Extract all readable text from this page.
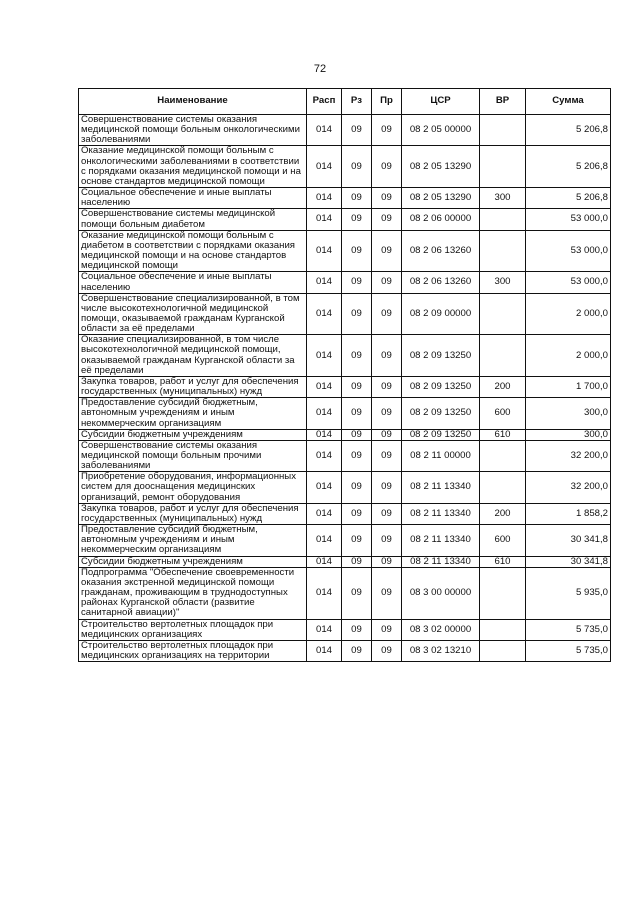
72
Наименование	Расп	Рз	Пр	ЦСР	ВР	Сумма
Совершенствование системы оказания медицинской помощи больным онкологическими заболеваниями	014	09	09	08 2 05 00000		5 206,8
Оказание медицинской помощи больным с онкологическими заболеваниями в соответствии с порядками оказания медицинской помощи и на основе стандартов медицинской помощи	014	09	09	08 2 05 13290		5 206,8
Социальное обеспечение и иные выплаты населению	014	09	09	08 2 05 13290	300	5 206,8
Совершенствование системы медицинской помощи больным диабетом	014	09	09	08 2 06 00000		53 000,0
Оказание медицинской помощи больным с диабетом в соответствии с порядками оказания медицинской помощи и на основе стандартов медицинской помощи	014	09	09	08 2 06 13260		53 000,0
Социальное обеспечение и иные выплаты населению	014	09	09	08 2 06 13260	300	53 000,0
Совершенствование специализированной, в том числе высокотехнологичной медицинской помощи, оказываемой гражданам Курганской области за её пределами	014	09	09	08 2 09 00000		2 000,0
Оказание специализированной, в том числе высокотехнологичной медицинской помощи, оказываемой гражданам Курганской области за её пределами	014	09	09	08 2 09 13250		2 000,0
Закупка товаров, работ и услуг для обеспечения государственных (муниципальных) нужд	014	09	09	08 2 09 13250	200	1 700,0
Предоставление субсидий бюджетным, автономным учреждениям и иным некоммерческим организациям	014	09	09	08 2 09 13250	600	300,0
Субсидии бюджетным учреждениям	014	09	09	08 2 09 13250	610	300,0
Совершенствование системы оказания медицинской помощи больным прочими заболеваниями	014	09	09	08 2 11 00000		32 200,0
Приобретение оборудования, информационных систем для дооснащения медицинских организаций, ремонт оборудования	014	09	09	08 2 11 13340		32 200,0
Закупка товаров, работ и услуг для обеспечения государственных (муниципальных) нужд	014	09	09	08 2 11 13340	200	1 858,2
Предоставление субсидий бюджетным, автономным учреждениям и иным некоммерческим организациям	014	09	09	08 2 11 13340	600	30 341,8
Субсидии бюджетным учреждениям	014	09	09	08 2 11 13340	610	30 341,8
Подпрограмма "Обеспечение своевременности оказания экстренной медицинской помощи гражданам, проживающим в труднодоступных районах Курганской области (развитие санитарной авиации)"	014	09	09	08 3 00 00000		5 935,0
Строительство вертолетных площадок при медицинских организациях	014	09	09	08 3 02 00000		5 735,0
Строительство вертолетных площадок при медицинских организациях на территории	014	09	09	08 3 02 13210		5 735,0
